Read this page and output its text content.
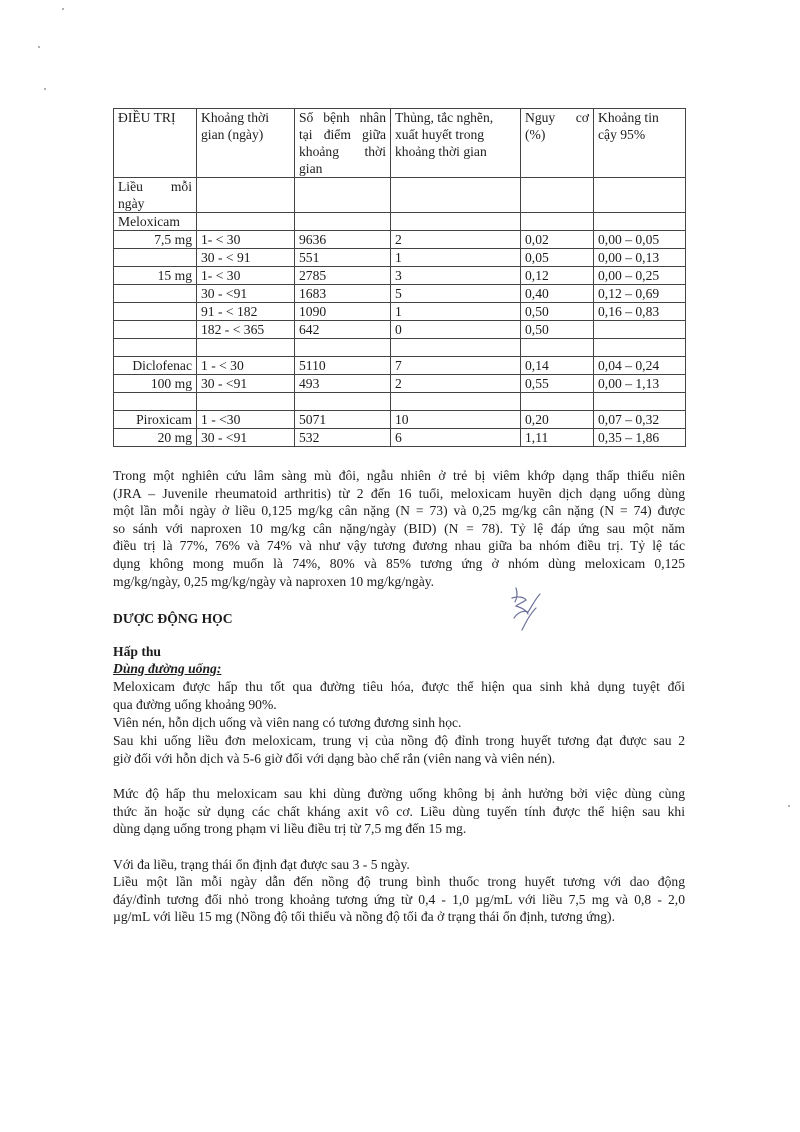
ĐIỀU TRỊ	Khoảng thời gian (ngày)	Số bệnh nhân tại điểm giữa khoảng thời gian	Thủng, tắc nghẽn, xuất huyết trong khoảng thời gian	Nguy cơ (%)	Khoảng tin cậy 95%
Liều mỗi ngày					
Meloxicam					
7,5 mg	1- < 30	9636	2	0,02	0,00 – 0,05
	30 - < 91	551	1	0,05	0,00 – 0,13
15 mg	1- < 30	2785	3	0,12	0,00 – 0,25
	30 - <91	1683	5	0,40	0,12 – 0,69
	91 - < 182	1090	1	0,50	0,16 – 0,83
	182 - < 365	642	0	0,50	

Diclofenac	1 - < 30	5110	7	0,14	0,04 – 0,24
100 mg	30 - <91	493	2	0,55	0,00 – 1,13

Piroxicam	1 - <30	5071	10	0,20	0,07 – 0,32
20 mg	30 - <91	532	6	1,11	0,35 – 1,86
Trong một nghiên cứu lâm sàng mù đôi, ngẫu nhiên ở trẻ bị viêm khớp dạng thấp thiếu niên
(JRA – Juvenile rheumatoid arthritis) từ 2 đến 16 tuổi, meloxicam huyền dịch dạng uống dùng
một lần mỗi ngày ở liều 0,125 mg/kg cân nặng (N = 73) và 0,25 mg/kg cân nặng (N = 74) được
so sánh với naproxen 10 mg/kg cân nặng/ngày (BID) (N = 78). Tỷ lệ đáp ứng sau một năm
điều trị là 77%, 76% và 74% và như vậy tương đương nhau giữa ba nhóm điều trị. Tỷ lệ tác
dụng không mong muốn là 74%, 80% và 85% tương ứng ở nhóm dùng meloxicam 0,125
mg/kg/ngày, 0,25 mg/kg/ngày và naproxen 10 mg/kg/ngày.
DƯỢC ĐỘNG HỌC
Hấp thu
Dùng đường uống:
Meloxicam được hấp thu tốt qua đường tiêu hóa, được thể hiện qua sinh khả dụng tuyệt đối
qua đường uống khoảng 90%.
Viên nén, hỗn dịch uống và viên nang có tương đương sinh học.
Sau khi uống liều đơn meloxicam, trung vị của nồng độ đỉnh trong huyết tương đạt được sau 2
giờ đối với hỗn dịch và 5-6 giờ đối với dạng bào chế rắn (viên nang và viên nén).
Mức độ hấp thu meloxicam sau khi dùng đường uống không bị ảnh hưởng bởi việc dùng cùng
thức ăn hoặc sử dụng các chất kháng axit vô cơ. Liều dùng tuyến tính được thể hiện sau khi
dùng dạng uống trong phạm vi liều điều trị từ 7,5 mg đến 15 mg.
Với đa liều, trạng thái ổn định đạt được sau 3 - 5 ngày.
Liều một lần mỗi ngày dẫn đến nồng độ trung bình thuốc trong huyết tương với dao động
đáy/đỉnh tương đối nhỏ trong khoảng tương ứng từ 0,4 - 1,0 µg/mL với liều 7,5 mg và 0,8 - 2,0
µg/mL với liều 15 mg (Nồng độ tối thiểu và nồng độ tối đa ở trạng thái ổn định, tương ứng).
